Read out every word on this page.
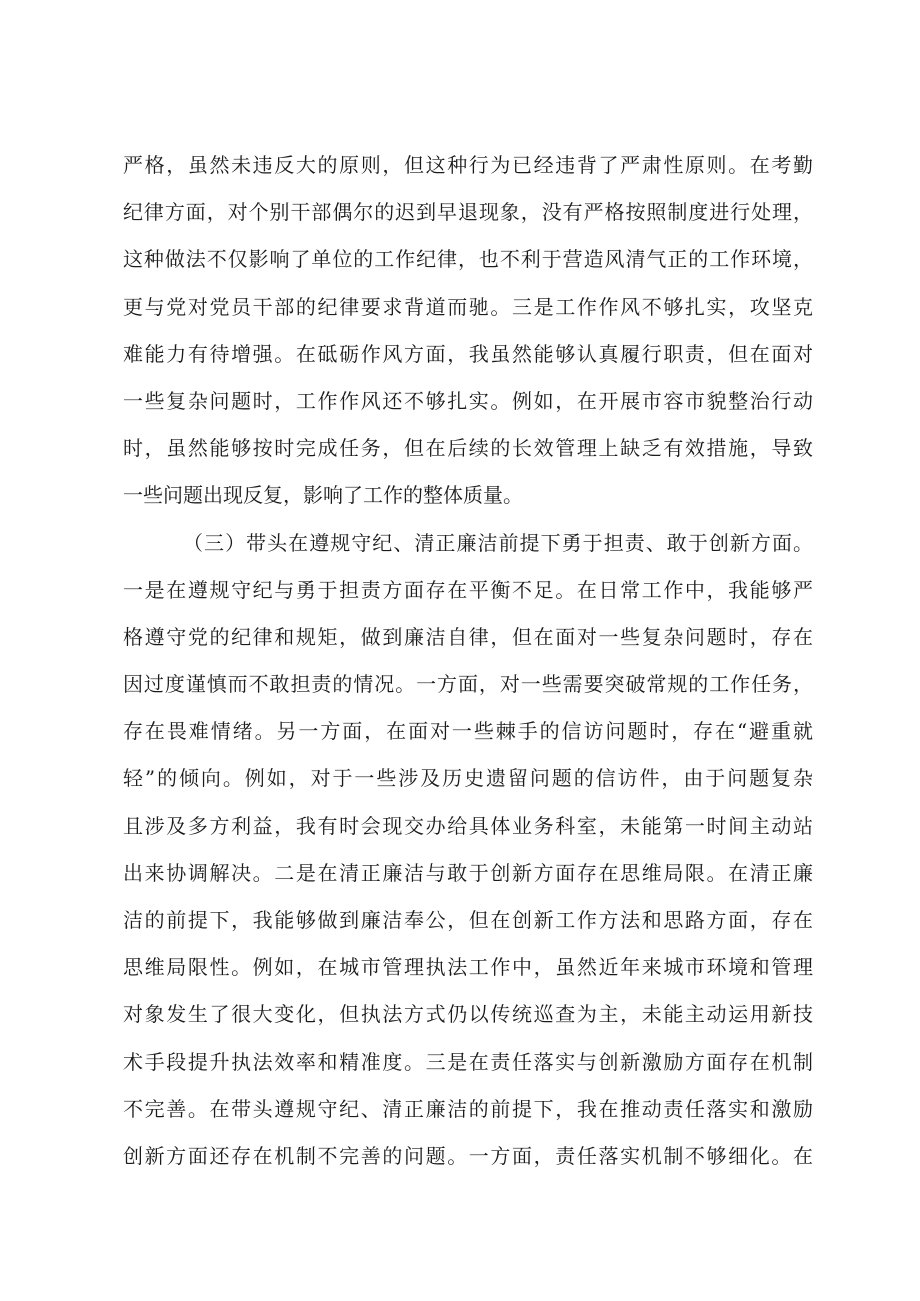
严格，虽然未违反大的原则，但这种行为已经违背了严肃性原则。在考勤
纪律方面，对个别干部偶尔的迟到早退现象，没有严格按照制度进行处理，
这种做法不仅影响了单位的工作纪律，也不利于营造风清气正的工作环境，
更与党对党员干部的纪律要求背道而驰。三是工作作风不够扎实，攻坚克
难能力有待增强。在砥砺作风方面，我虽然能够认真履行职责，但在面对
一些复杂问题时，工作作风还不够扎实。例如，在开展市容市貌整治行动
时，虽然能够按时完成任务，但在后续的长效管理上缺乏有效措施，导致
一些问题出现反复，影响了工作的整体质量。
（三）带头在遵规守纪、清正廉洁前提下勇于担责、敢于创新方面。
一是在遵规守纪与勇于担责方面存在平衡不足。在日常工作中，我能够严
格遵守党的纪律和规矩，做到廉洁自律，但在面对一些复杂问题时，存在
因过度谨慎而不敢担责的情况。一方面，对一些需要突破常规的工作任务，
存在畏难情绪。另一方面，在面对一些棘手的信访问题时，存在“避重就
轻”的倾向。例如，对于一些涉及历史遗留问题的信访件，由于问题复杂
且涉及多方利益，我有时会现交办给具体业务科室，未能第一时间主动站
出来协调解决。二是在清正廉洁与敢于创新方面存在思维局限。在清正廉
洁的前提下，我能够做到廉洁奉公，但在创新工作方法和思路方面，存在
思维局限性。例如，在城市管理执法工作中，虽然近年来城市环境和管理
对象发生了很大变化，但执法方式仍以传统巡查为主，未能主动运用新技
术手段提升执法效率和精准度。三是在责任落实与创新激励方面存在机制
不完善。在带头遵规守纪、清正廉洁的前提下，我在推动责任落实和激励
创新方面还存在机制不完善的问题。一方面，责任落实机制不够细化。在
